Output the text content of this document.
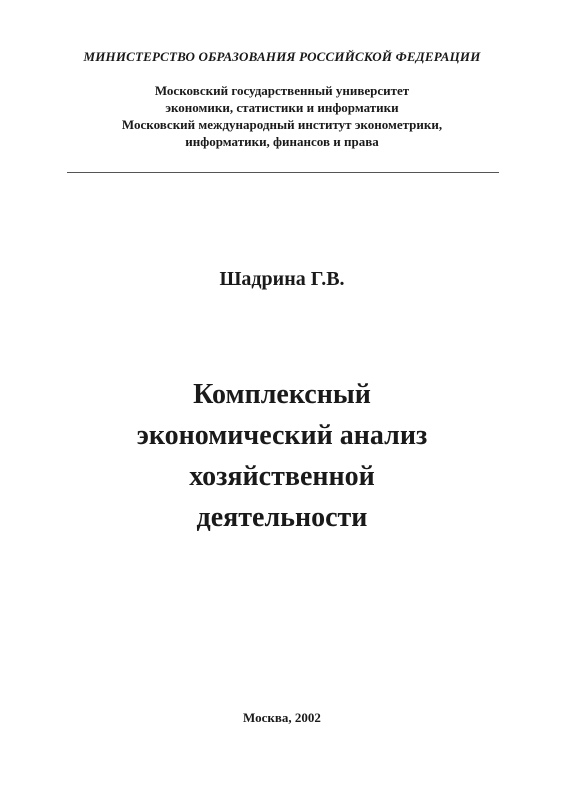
МИНИСТЕРСТВО ОБРАЗОВАНИЯ РОССИЙСКОЙ ФЕДЕРАЦИИ
Московский государственный университет
экономики, статистики и информатики
Московский международный институт эконометрики,
информатики, финансов и права
Шадрина Г.В.
Комплексный
экономический анализ
хозяйственной
деятельности
Москва, 2002
